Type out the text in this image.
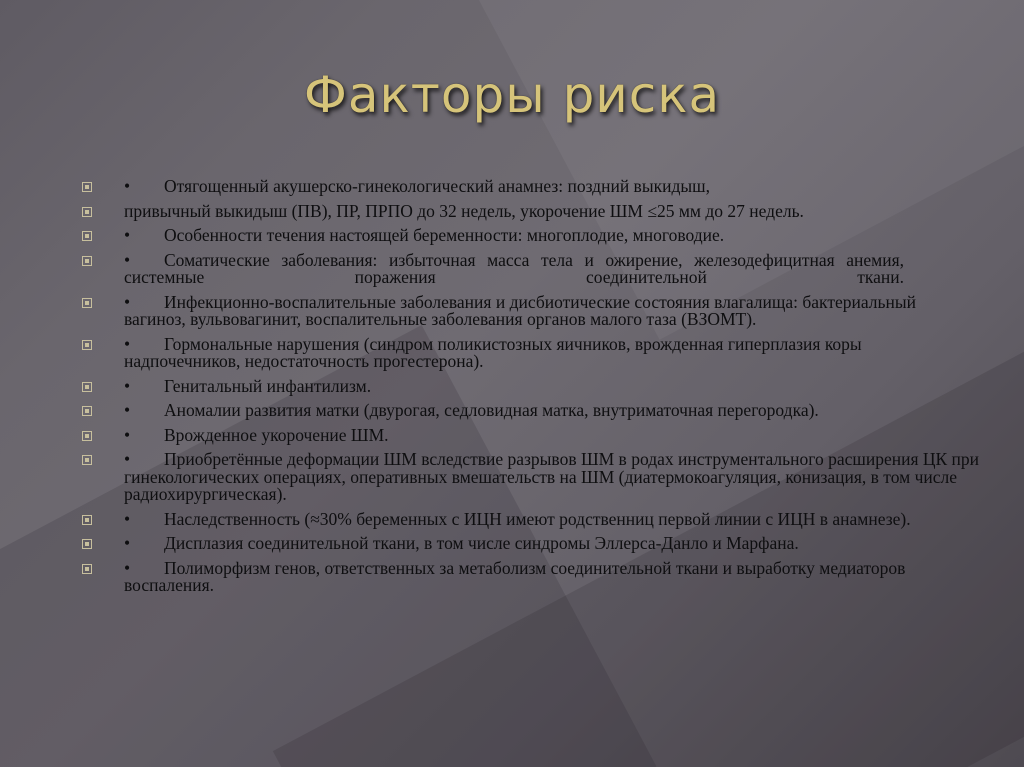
Факторы риска
• Отягощенный акушерско-гинекологический анамнез: поздний выкидыш,
привычный выкидыш (ПВ), ПР, ПРПО до 32 недель, укорочение ШМ ≤25 мм до 27 недель.
• Особенности течения настоящей беременности: многоплодие, многоводие.
• Соматические заболевания: избыточная масса тела и ожирение, железодефицитная анемия, системные поражения соединительной ткани.
• Инфекционно-воспалительные заболевания и дисбиотические состояния влагалища: бактериальный вагиноз, вульвовагинит, воспалительные заболевания органов малого таза (ВЗОМТ).
• Гормональные нарушения (синдром поликистозных яичников, врожденная гиперплазия коры надпочечников, недостаточность прогестерона).
• Генитальный инфантилизм.
• Аномалии развития матки (двурогая, седловидная матка, внутриматочная перегородка).
• Врожденное укорочение ШМ.
• Приобретённые деформации ШМ вследствие разрывов ШМ в родах инструментального расширения ЦК при гинекологических операциях, оперативных вмешательств на ШМ (диатермокоагуляция, конизация, в том числе радиохирургическая).
• Наследственность (≈30% беременных с ИЦН имеют родственниц первой линии с ИЦН в анамнезе).
• Дисплазия соединительной ткани, в том числе синдромы Эллерса-Данло и Марфана.
• Полиморфизм генов, ответственных за метаболизм соединительной ткани и выработку медиаторов воспаления.
